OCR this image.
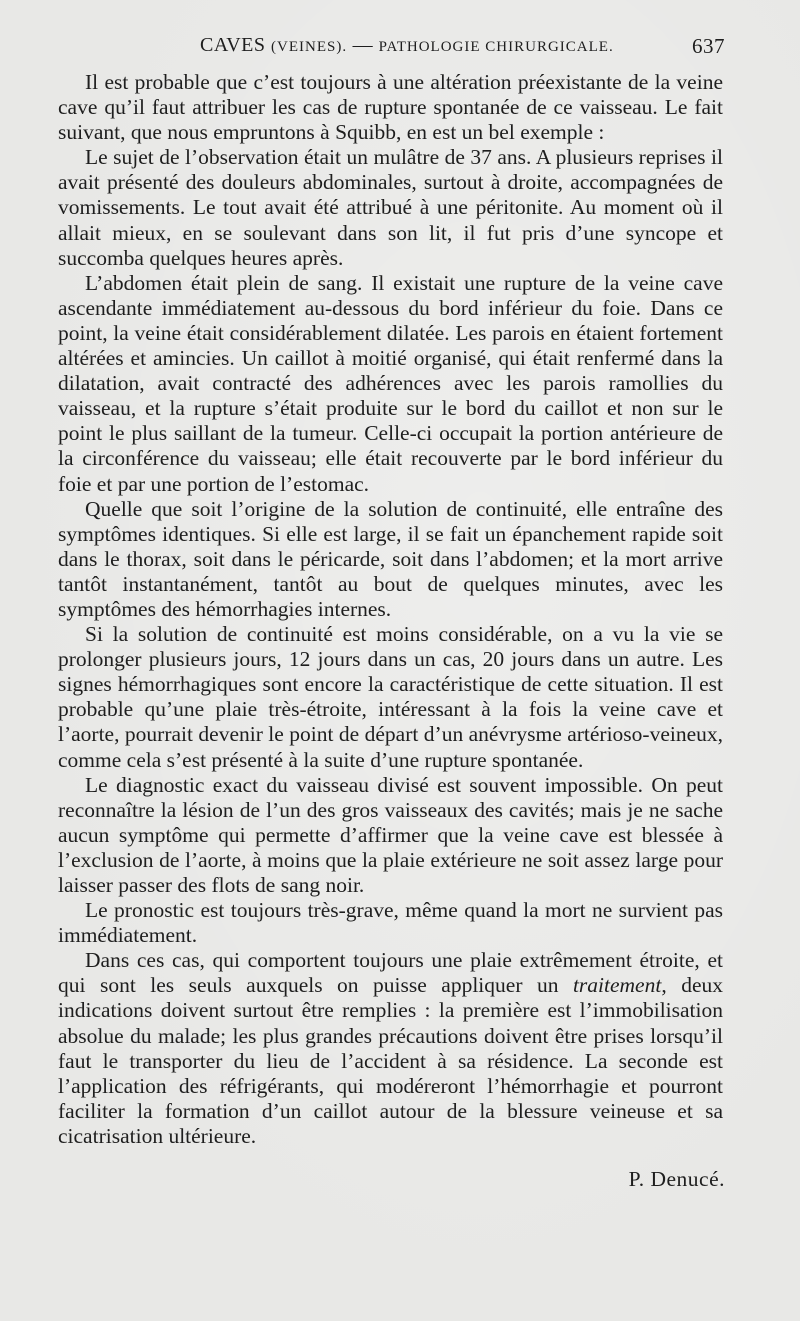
CAVES (VEINES). — PATHOLOGIE CHIRURGICALE.	637

Il est probable que c’est toujours à une altération préexistante de la veine cave qu’il faut attribuer les cas de rupture spontanée de ce vaisseau. Le fait suivant, que nous empruntons à Squibb, en est un bel exemple :

Le sujet de l’observation était un mulâtre de 37 ans. A plusieurs reprises il avait présenté des douleurs abdominales, surtout à droite, accompagnées de vomissements. Le tout avait été attribué à une péritonite. Au moment où il allait mieux, en se soulevant dans son lit, il fut pris d’une syncope et succomba quelques heures après.

L’abdomen était plein de sang. Il existait une rupture de la veine cave ascendante immédiatement au-dessous du bord inférieur du foie. Dans ce point, la veine était considérablement dilatée. Les parois en étaient fortement altérées et amincies. Un caillot à moitié organisé, qui était renfermé dans la dilatation, avait contracté des adhérences avec les parois ramollies du vaisseau, et la rupture s’était produite sur le bord du caillot et non sur le point le plus saillant de la tumeur. Celle-ci occupait la portion antérieure de la circonférence du vaisseau; elle était recouverte par le bord inférieur du foie et par une portion de l’estomac.

Quelle que soit l’origine de la solution de continuité, elle entraîne des symptômes identiques. Si elle est large, il se fait un épanchement rapide soit dans le thorax, soit dans le péricarde, soit dans l’abdomen; et la mort arrive tantôt instantanément, tantôt au bout de quelques minutes, avec les symptômes des hémorrhagies internes.

Si la solution de continuité est moins considérable, on a vu la vie se prolonger plusieurs jours, 12 jours dans un cas, 20 jours dans un autre. Les signes hémorrhagiques sont encore la caractéristique de cette situation. Il est probable qu’une plaie très-étroite, intéressant à la fois la veine cave et l’aorte, pourrait devenir le point de départ d’un anévrysme artérioso-veineux, comme cela s’est présenté à la suite d’une rupture spontanée.

Le diagnostic exact du vaisseau divisé est souvent impossible. On peut reconnaître la lésion de l’un des gros vaisseaux des cavités; mais je ne sache aucun symptôme qui permette d’affirmer que la veine cave est blessée à l’exclusion de l’aorte, à moins que la plaie extérieure ne soit assez large pour laisser passer des flots de sang noir.

Le pronostic est toujours très-grave, même quand la mort ne survient pas immédiatement.

Dans ces cas, qui comportent toujours une plaie extrêmement étroite, et qui sont les seuls auxquels on puisse appliquer un traitement, deux indications doivent surtout être remplies : la première est l’immobilisation absolue du malade; les plus grandes précautions doivent être prises lorsqu’il faut le transporter du lieu de l’accident à sa résidence. La seconde est l’application des réfrigérants, qui modéreront l’hémorrhagie et pourront faciliter la formation d’un caillot autour de la blessure veineuse et sa cicatrisation ultérieure.

P. Denucé.
